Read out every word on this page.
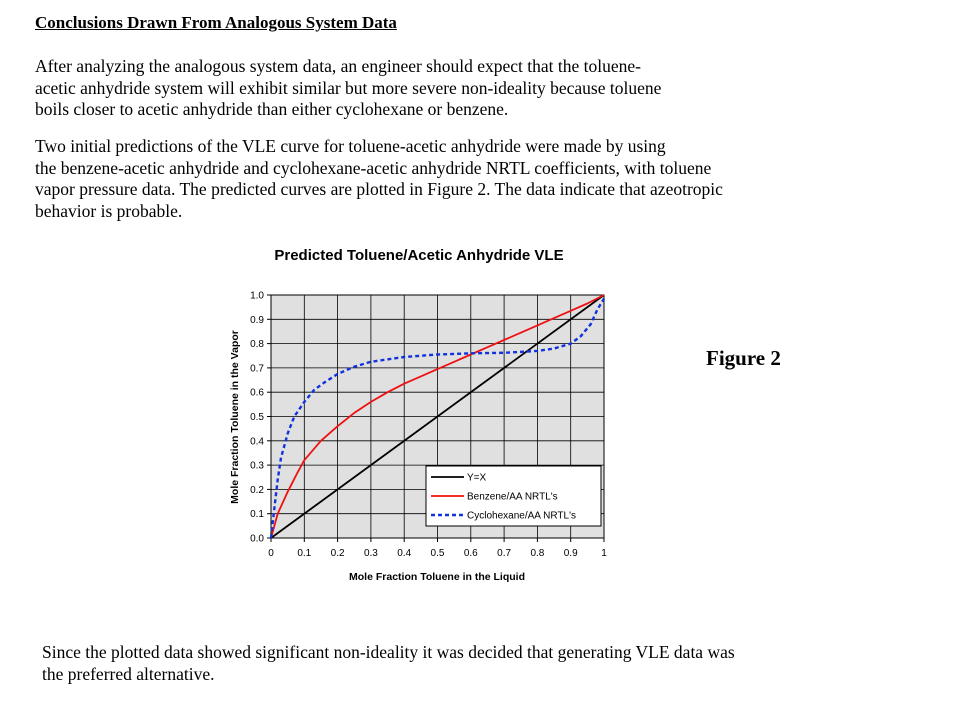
Conclusions Drawn From Analogous System Data

After analyzing the analogous system data, an engineer should expect that the toluene-
acetic anhydride system will exhibit similar but more severe non-ideality because toluene
boils closer to acetic anhydride than either cyclohexane or benzene.

Two initial predictions of the VLE curve for toluene-acetic anhydride were made by using
the benzene-acetic anhydride and cyclohexane-acetic anhydride NRTL coefficients, with toluene
vapor pressure data. The predicted curves are plotted in Figure 2. The data indicate that azeotropic
behavior is probable.

Predicted Toluene/Acetic Anhydride VLE
0 0.1 0.2 0.3 0.4 0.5 0.6 0.7 0.8 0.9 1
0.0
0.1
0.2
0.3
0.4
0.5
0.6
0.7
0.8
0.9
1.0
Mole Fraction Toluene in the Liquid
Mole Fraction Toluene in the Vapor	Y=X
Benzene/AA NRTL's
Cyclohexane/AA NRTL's

Figure 2

Since the plotted data showed significant non-ideality it was decided that generating VLE data was
the preferred alternative.
